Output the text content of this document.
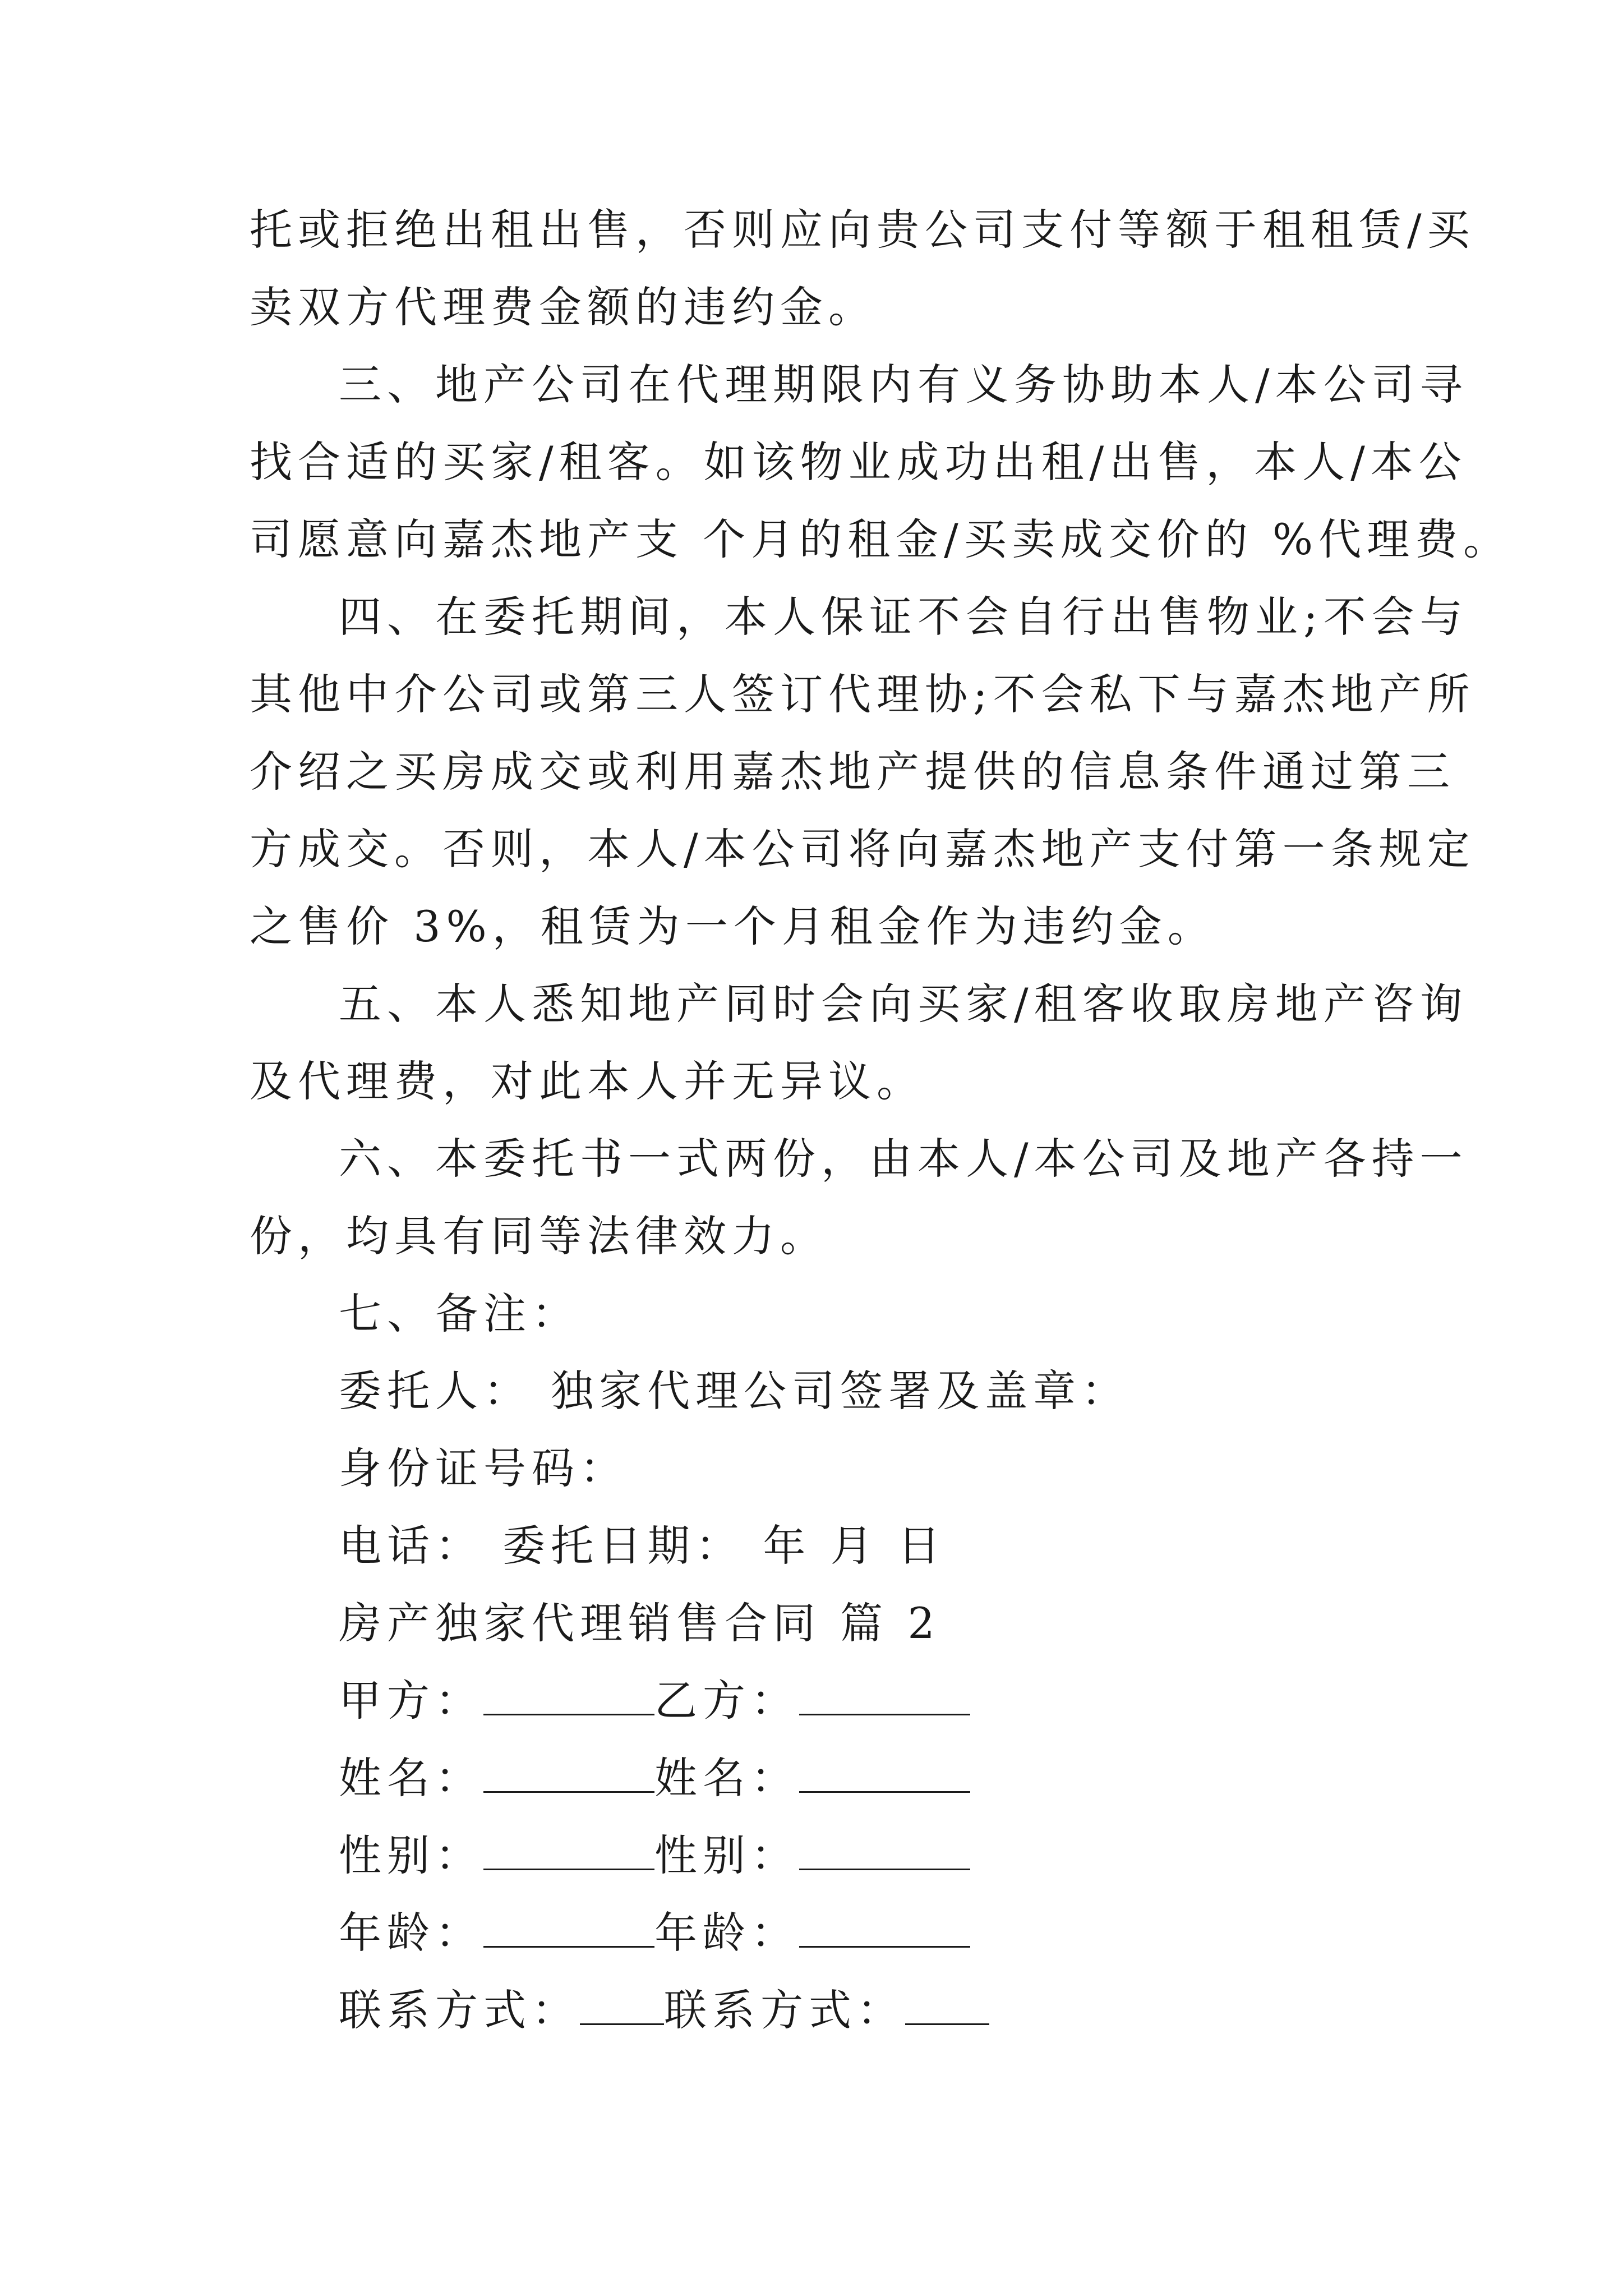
托或拒绝出租出售，否则应向贵公司支付等额于租租赁/买
卖双方代理费金额的违约金。
三、地产公司在代理期限内有义务协助本人/本公司寻
找合适的买家/租客。如该物业成功出租/出售，本人/本公
司愿意向嘉杰地产支 个月的租金/买卖成交价的 %代理费。
四、在委托期间，本人保证不会自行出售物业;不会与
其他中介公司或第三人签订代理协;不会私下与嘉杰地产所
介绍之买房成交或利用嘉杰地产提供的信息条件通过第三
方成交。否则，本人/本公司将向嘉杰地产支付第一条规定
之售价 3%，租赁为一个月租金作为违约金。
五、本人悉知地产同时会向买家/租客收取房地产咨询
及代理费，对此本人并无异议。
六、本委托书一式两份，由本人/本公司及地产各持一
份，均具有同等法律效力。
七、备注：
委托人： 独家代理公司签署及盖章：
身份证号码：
电话： 委托日期： 年 月 日
房产独家代理销售合同 篇 2
甲方：	乙方：
姓名：	姓名：
性别：	性别：
年龄：	年龄：
联系方式： 联系方式：
